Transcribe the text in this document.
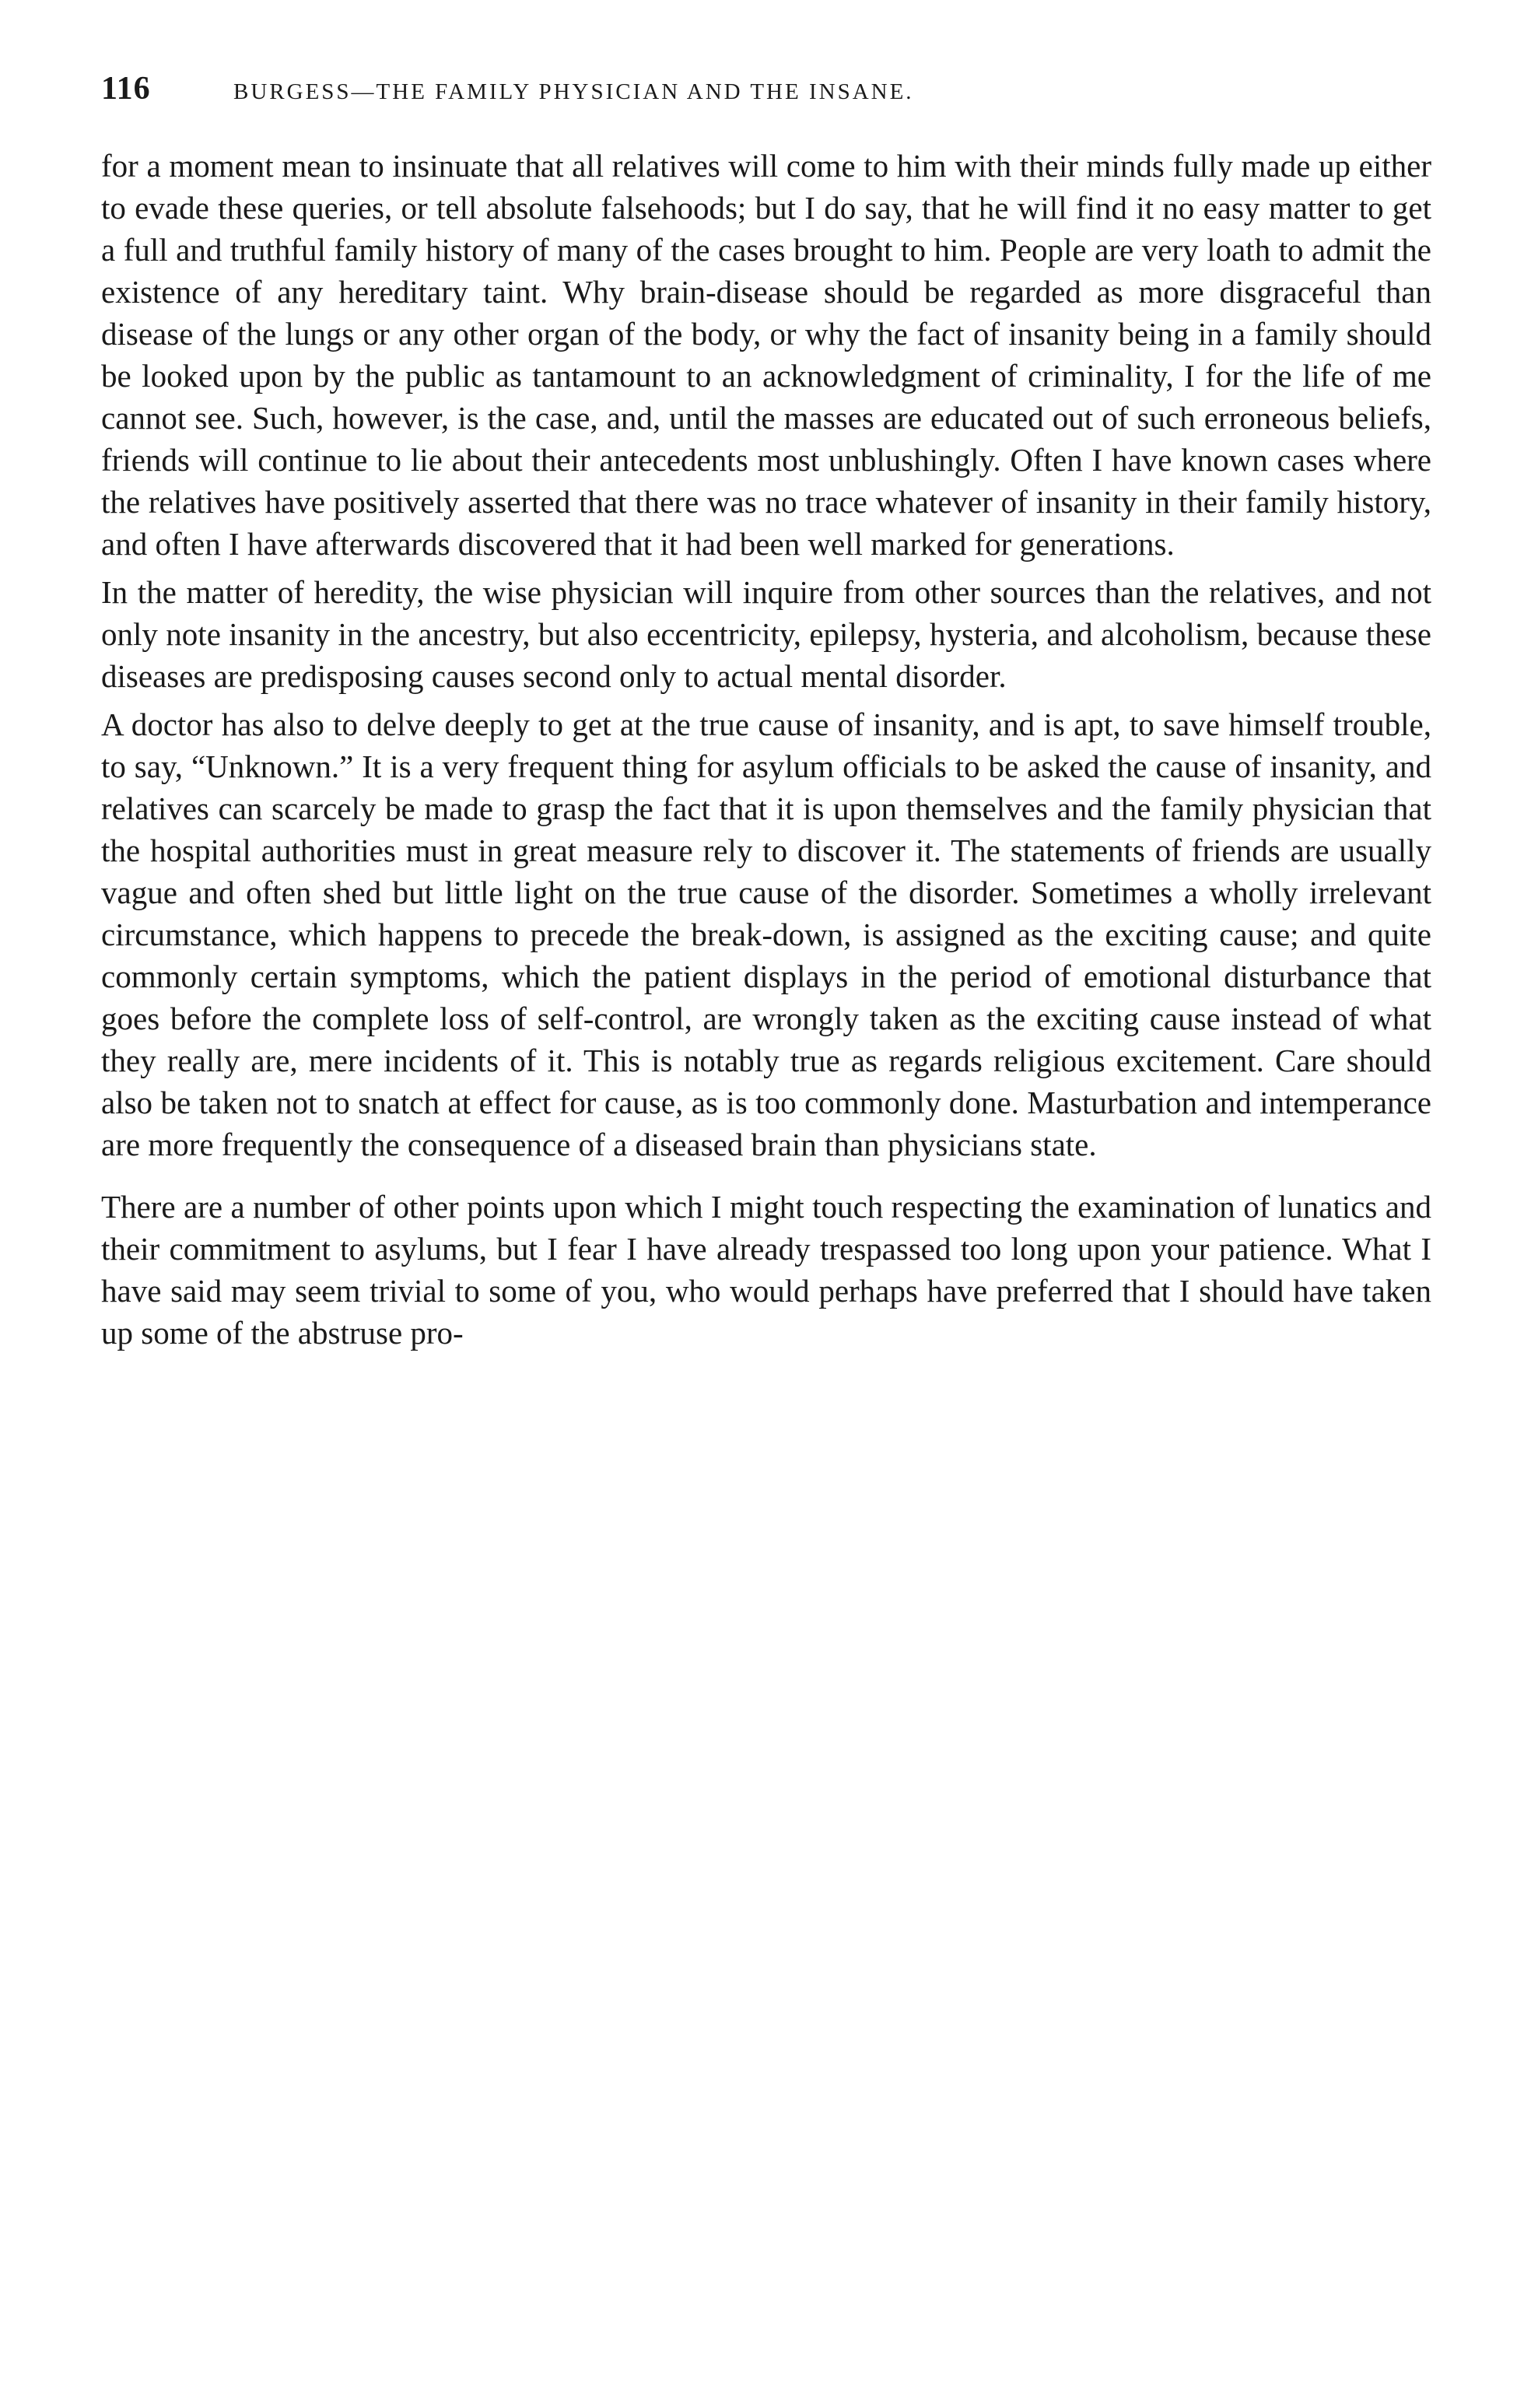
116	BURGESS—THE FAMILY PHYSICIAN AND THE INSANE.

for a moment mean to insinuate that all relatives will come to him with their minds fully made up either to evade these queries, or tell absolute falsehoods; but I do say, that he will find it no easy matter to get a full and truthful family history of many of the cases brought to him. People are very loath to admit the existence of any hereditary taint. Why brain-disease should be regarded as more disgraceful than disease of the lungs or any other organ of the body, or why the fact of insanity being in a family should be looked upon by the public as tantamount to an acknowledgment of criminality, I for the life of me cannot see. Such, however, is the case, and, until the masses are educated out of such erroneous beliefs, friends will continue to lie about their antecedents most unblushingly. Often I have known cases where the relatives have positively asserted that there was no trace whatever of insanity in their family history, and often I have afterwards discovered that it had been well marked for generations.

In the matter of heredity, the wise physician will inquire from other sources than the relatives, and not only note insanity in the ancestry, but also eccentricity, epilepsy, hysteria, and alcoholism, because these diseases are predisposing causes second only to actual mental disorder.

A doctor has also to delve deeply to get at the true cause of insanity, and is apt, to save himself trouble, to say, “Unknown.” It is a very frequent thing for asylum officials to be asked the cause of insanity, and relatives can scarcely be made to grasp the fact that it is upon themselves and the family physician that the hospital authorities must in great measure rely to discover it. The statements of friends are usually vague and often shed but little light on the true cause of the disorder. Sometimes a wholly irrelevant circumstance, which happens to precede the break-down, is assigned as the exciting cause; and quite commonly certain symptoms, which the patient displays in the period of emotional disturbance that goes before the complete loss of self-control, are wrongly taken as the exciting cause instead of what they really are, mere incidents of it. This is notably true as regards religious excitement. Care should also be taken not to snatch at effect for cause, as is too commonly done. Masturbation and intemperance are more frequently the consequence of a diseased brain than physicians state.

There are a number of other points upon which I might touch respecting the examination of lunatics and their commitment to asylums, but I fear I have already trespassed too long upon your patience. What I have said may seem trivial to some of you, who would perhaps have preferred that I should have taken up some of the abstruse pro-
